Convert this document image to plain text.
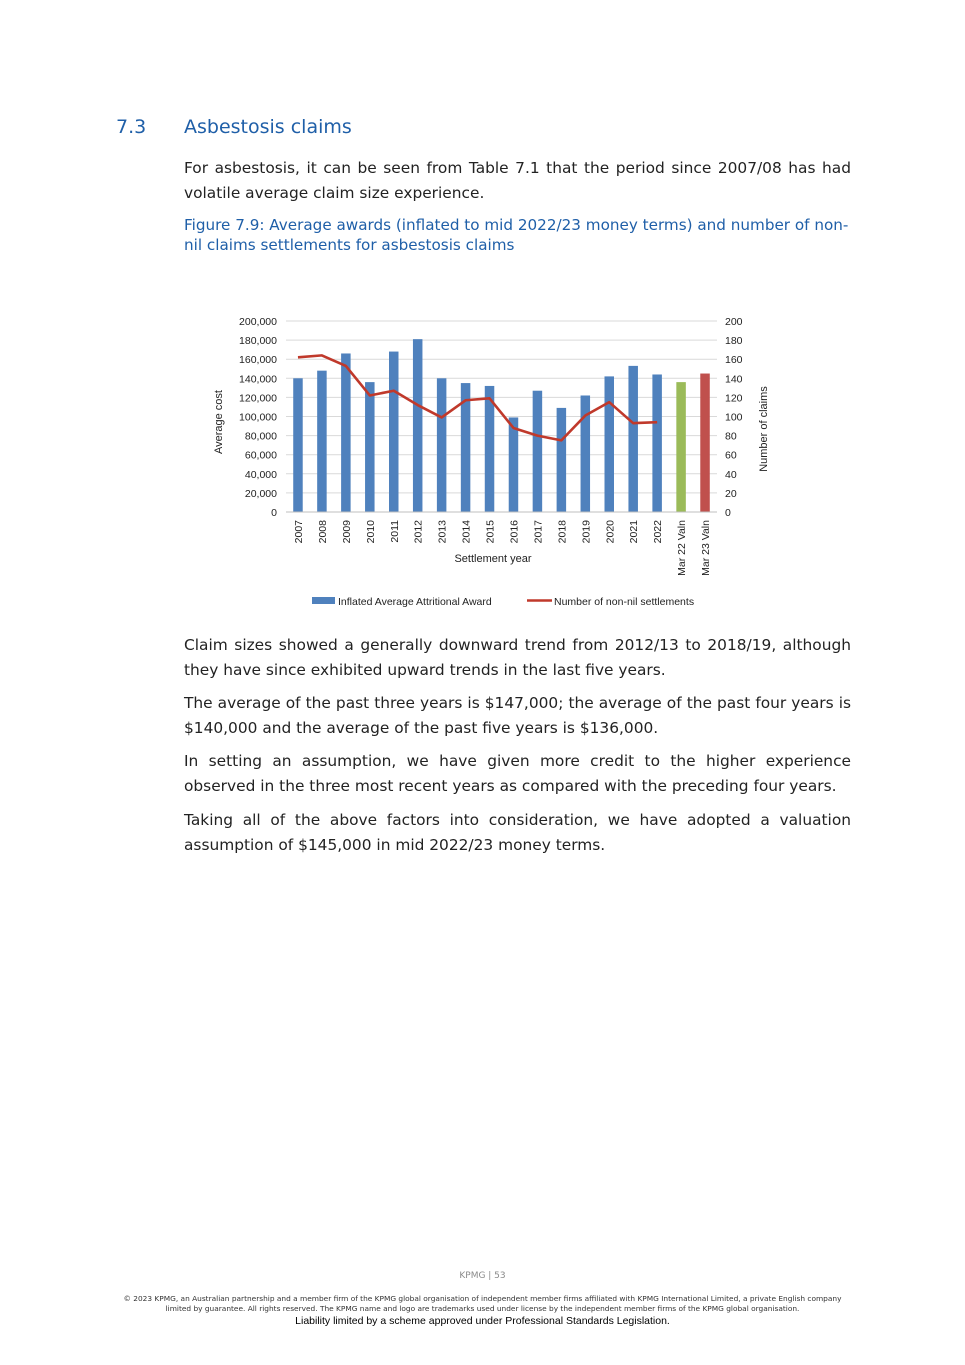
7.3 Asbestosis claims

For asbestosis, it can be seen from Table 7.1 that the period since 2007/08 has had volatile average claim size experience.

Figure 7.9: Average awards (inflated to mid 2022/23 money terms) and number of non-nil claims settlements for asbestosis claims
0
20,000
40,000
60,000
80,000
100,000
120,000
140,000
160,000
180,000
200,000
0
20
40
60
80
100
120
140
160
180
200
2007 2008 2009 2010 2011 2012 2013 2014 2015 2016 2017 2018 2019 2020 2021 2022 Mar 22 Valn Mar 23 Valn
Settlement year
Average cost	Number of claims
Inflated Average Attritional Award	Number of non-nil settlements

Claim sizes showed a generally downward trend from 2012/13 to 2018/19, although they have since exhibited upward trends in the last five years.

The average of the past three years is $147,000; the average of the past four years is $140,000 and the average of the past five years is $136,000.

In setting an assumption, we have given more credit to the higher experience observed in the three most recent years as compared with the preceding four years.

Taking all of the above factors into consideration, we have adopted a valuation assumption of $145,000 in mid 2022/23 money terms.

KPMG | 53
© 2023 KPMG, an Australian partnership and a member firm of the KPMG global organisation of independent member firms affiliated with KPMG International Limited, a private English company limited by guarantee. All rights reserved. The KPMG name and logo are trademarks used under license by the independent member firms of the KPMG global organisation.
Liability limited by a scheme approved under Professional Standards Legislation.
